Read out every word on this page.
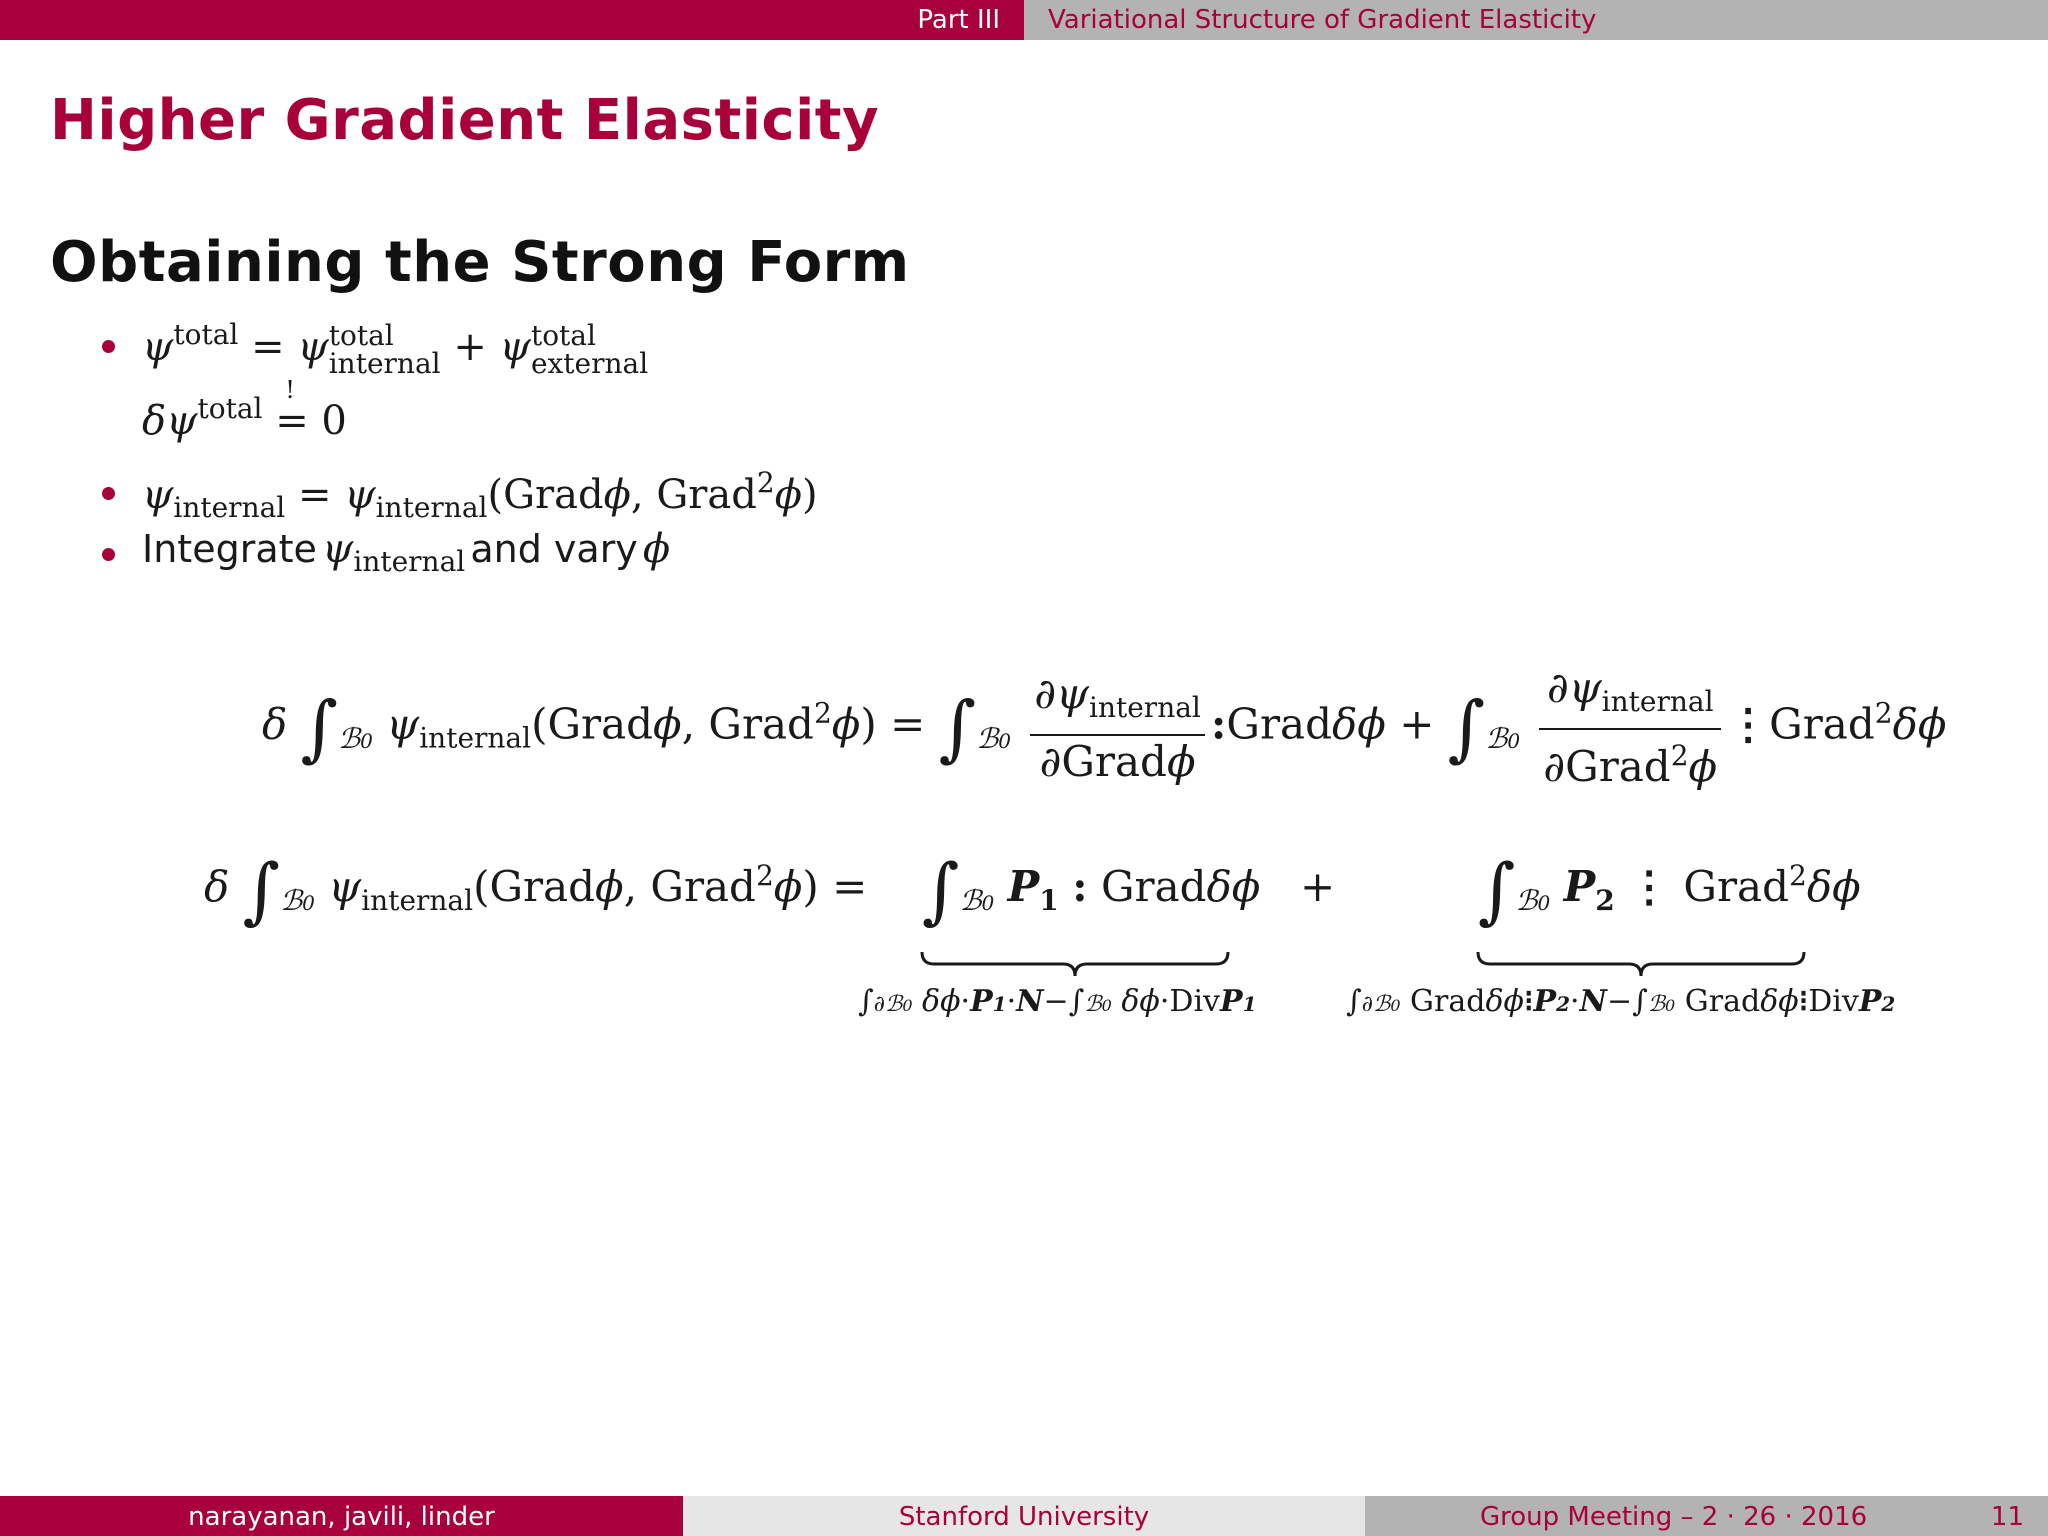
Part III Variational Structure of Gradient Elasticity
Higher Gradient Elasticity
Obtaining the Strong Form
$\psi^{total} = \psi$ total
internal + ψ total
external
$\delta\psi^{total}$ =
!
0
$\psi_{internal}$ = $\psi_{internal}(Grad\phi$, Grad$^2$ϕ)
Integrate $\psi_{internal}$ and vary ϕ
δ $\int_{ℬ0}$ $\psi_{internal}(Grad\phi$, Grad$^2$ϕ) = $\int_{ℬ0} \frac{\partial\psi_{internal}}{\text{∂Gradϕ}}$ :Gradδϕ + $\int_{ℬ0} \frac{\partial\psi_{internal}}{\partial Grad^2\phi}$ ⋮Grad$^2$δϕ
δ $\int_{ℬ0}$ $\psi_{internal}(Grad\phi$, Grad$^2$ϕ) = $\int_{ℬ0}$ $P_1$ : Gradδϕ + $\int_{ℬ0}$ $P_2$ ⋮ Grad$^2$δϕ
∫∂ℬ0 δϕ·P1·N−∫ℬ0 δϕ·DivP1	∫∂ℬ0 Gradδϕ⁝P2·N−∫ℬ0 Gradδϕ⁝DivP2
narayanan, javili, linder	Stanford University	Group Meeting – 2 · 26 · 2016	11
